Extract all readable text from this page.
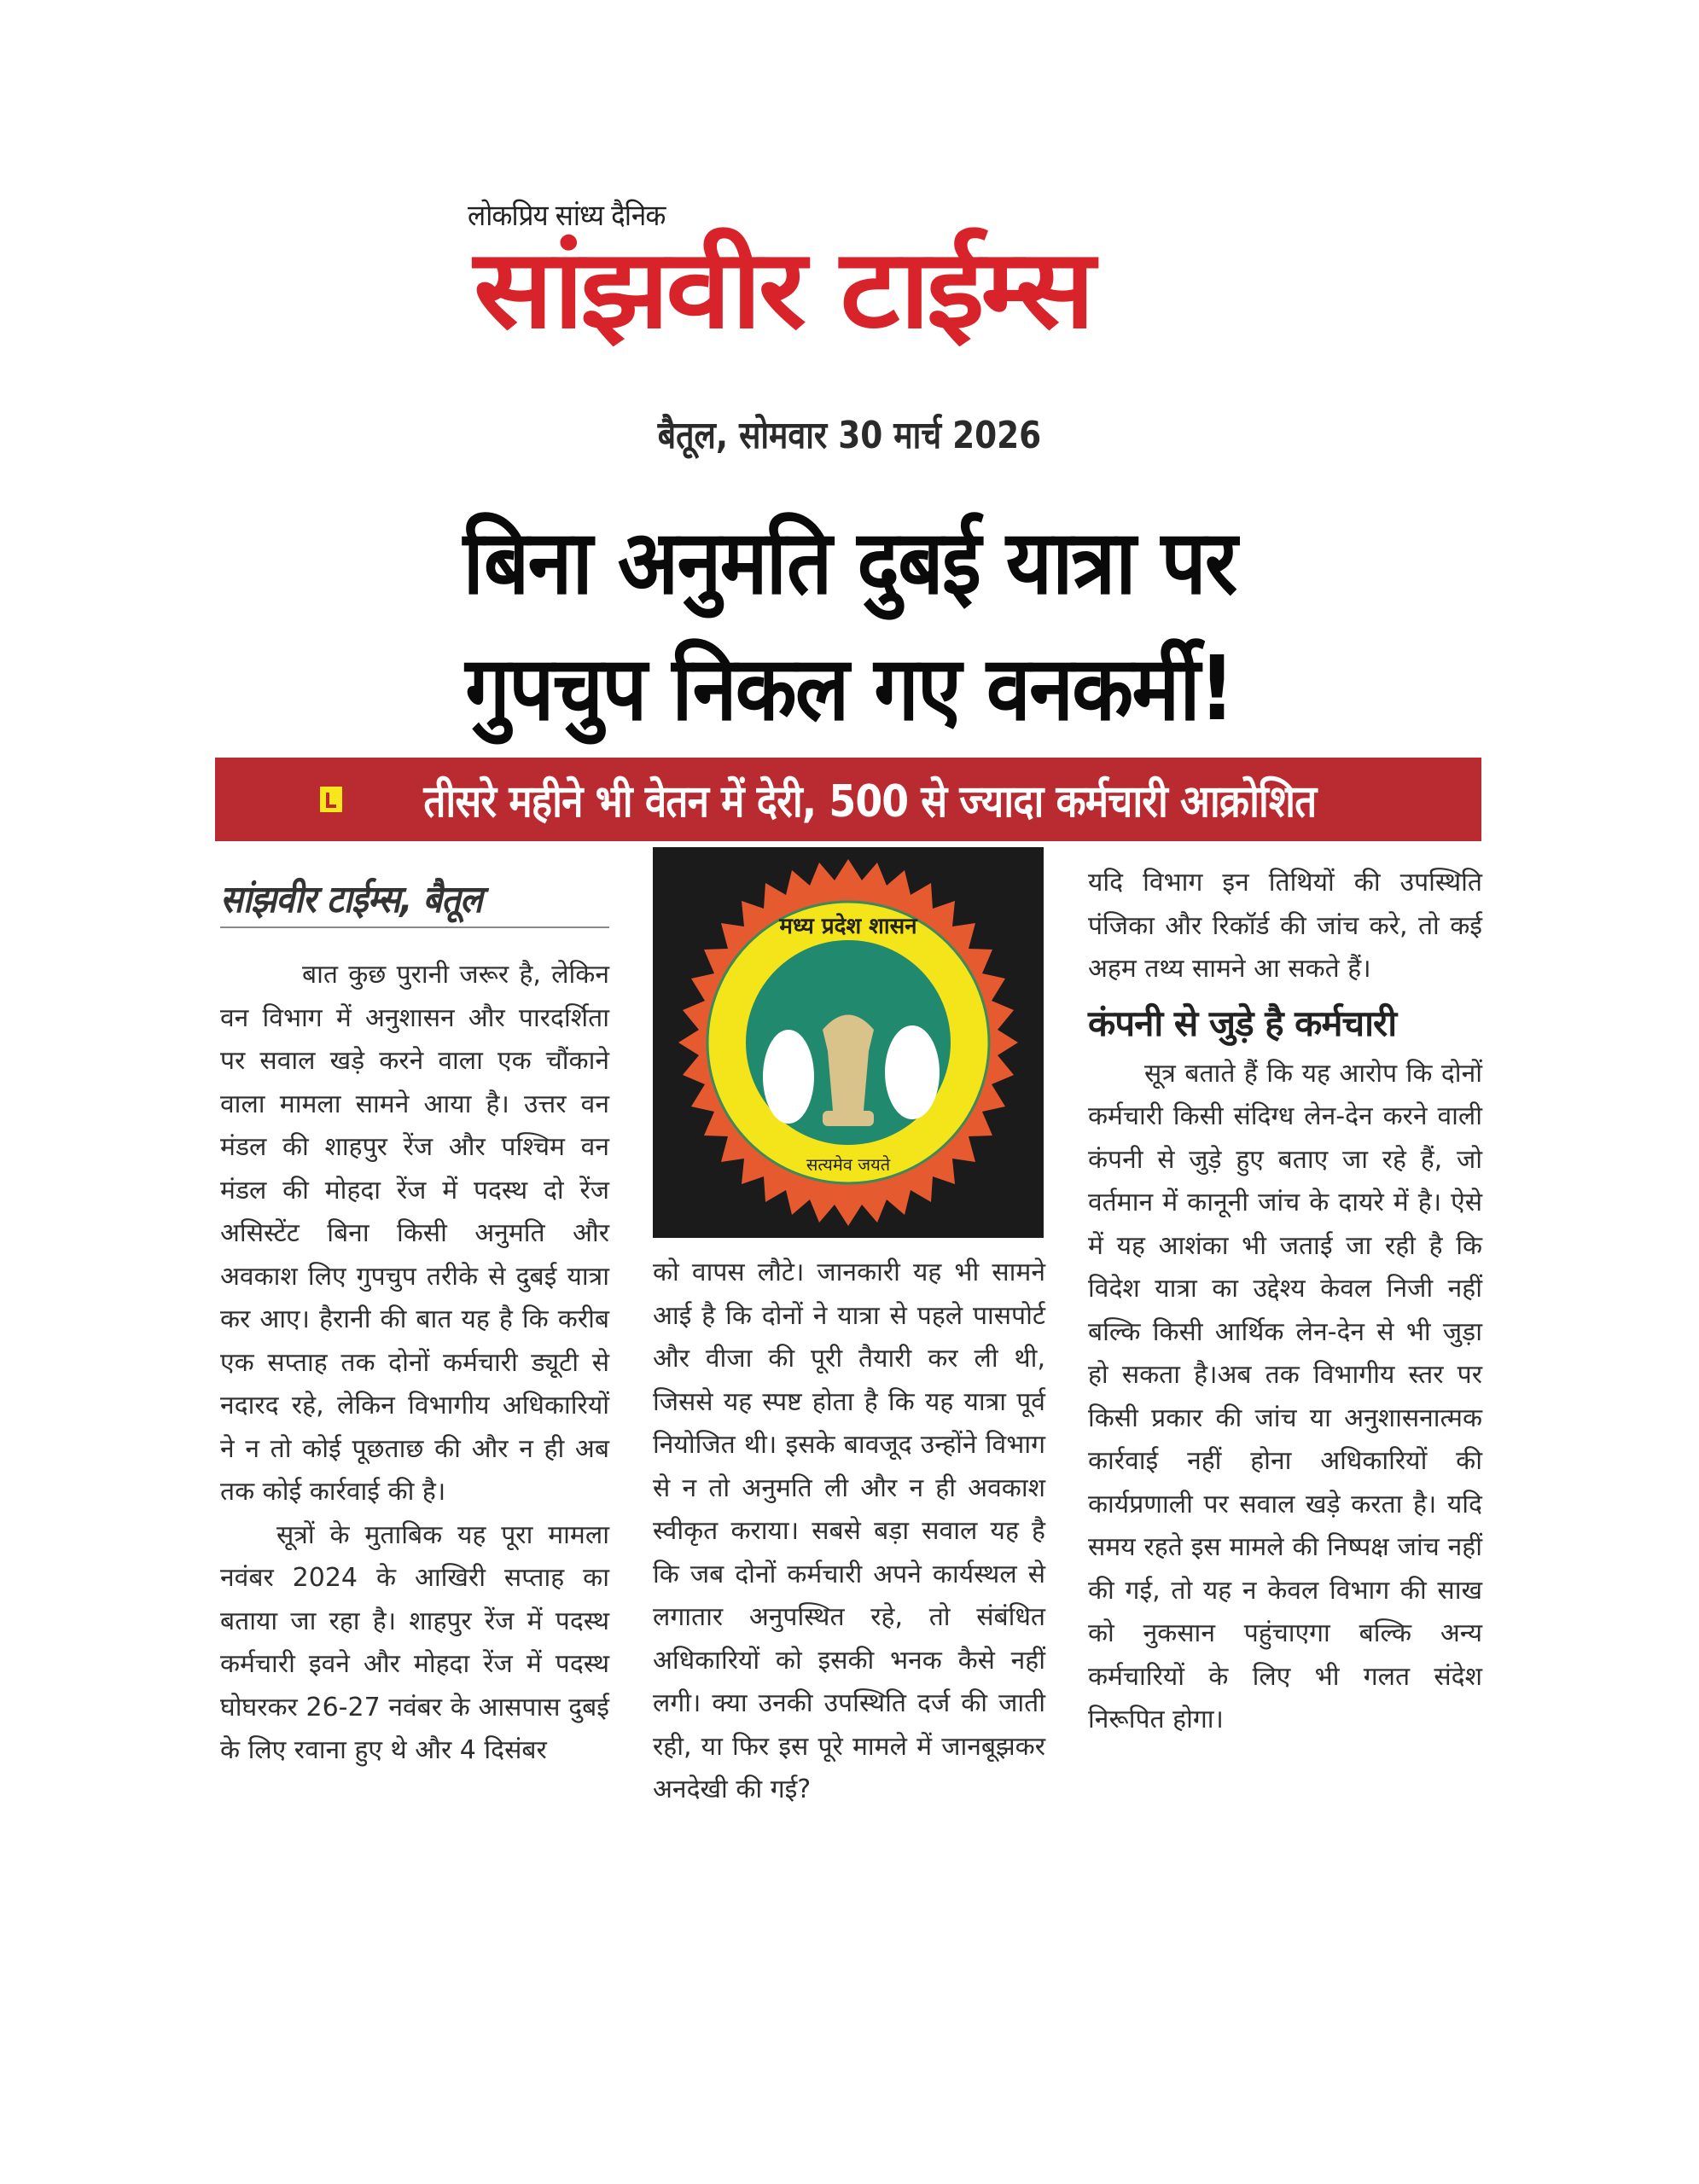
लोकप्रिय सांध्य दैनिक
सांझवीर टाईम्स
बैतूल, सोमवार 30 मार्च 2026
बिना अनुमति दुबई यात्रा पर
गुपचुप निकल गए वनकर्मी!
तीसरे महीने भी वेतन में देरी, 500 से ज्यादा कर्मचारी आक्रोशित
सांझवीर टाईम्स, बैतूल

बात कुछ पुरानी जरूर है, लेकिन वन विभाग में अनुशासन और पारदर्शिता पर सवाल खड़े करने वाला एक चौंकाने वाला मामला सामने आया है। उत्तर वन मंडल की शाहपुर रेंज और पश्चिम वन मंडल की मोहदा रेंज में पदस्थ दो रेंज असिस्टेंट बिना किसी अनुमति और अवकाश लिए गुपचुप तरीके से दुबई यात्रा कर आए। हैरानी की बात यह है कि करीब एक सप्ताह तक दोनों कर्मचारी ड्यूटी से नदारद रहे, लेकिन विभागीय अधिकारियों ने न तो कोई पूछताछ की और न ही अब तक कोई कार्रवाई की है।

सूत्रों के मुताबिक यह पूरा मामला नवंबर 2024 के आखिरी सप्ताह का बताया जा रहा है। शाहपुर रेंज में पदस्थ कर्मचारी इवने और मोहदा रेंज में पदस्थ घोघरकर 26-27 नवंबर के आसपास दुबई के लिए रवाना हुए थे और 4 दिसंबर

मध्य प्रदेश शासन
सत्यमेव जयते

को वापस लौटे। जानकारी यह भी सामने आई है कि दोनों ने यात्रा से पहले पासपोर्ट और वीजा की पूरी तैयारी कर ली थी, जिससे यह स्पष्ट होता है कि यह यात्रा पूर्व नियोजित थी। इसके बावजूद उन्होंने विभाग से न तो अनुमति ली और न ही अवकाश स्वीकृत कराया। सबसे बड़ा सवाल यह है कि जब दोनों कर्मचारी अपने कार्यस्थल से लगातार अनुपस्थित रहे, तो संबंधित अधिकारियों को इसकी भनक कैसे नहीं लगी। क्या उनकी उपस्थिति दर्ज की जाती रही, या फिर इस पूरे मामले में जानबूझकर अनदेखी की गई?

यदि विभाग इन तिथियों की उपस्थिति पंजिका और रिकॉर्ड की जांच करे, तो कई अहम तथ्य सामने आ सकते हैं।

कंपनी से जुड़े है कर्मचारी

सूत्र बताते हैं कि यह आरोप कि दोनों कर्मचारी किसी संदिग्ध लेन-देन करने वाली कंपनी से जुड़े हुए बताए जा रहे हैं, जो वर्तमान में कानूनी जांच के दायरे में है। ऐसे में यह आशंका भी जताई जा रही है कि विदेश यात्रा का उद्देश्य केवल निजी नहीं बल्कि किसी आर्थिक लेन-देन से भी जुड़ा हो सकता है।अब तक विभागीय स्तर पर किसी प्रकार की जांच या अनुशासनात्मक कार्रवाई नहीं होना अधिकारियों की कार्यप्रणाली पर सवाल खड़े करता है। यदि समय रहते इस मामले की निष्पक्ष जांच नहीं की गई, तो यह न केवल विभाग की साख को नुकसान पहुंचाएगा बल्कि अन्य कर्मचारियों के लिए भी गलत संदेश निरूपित होगा।
